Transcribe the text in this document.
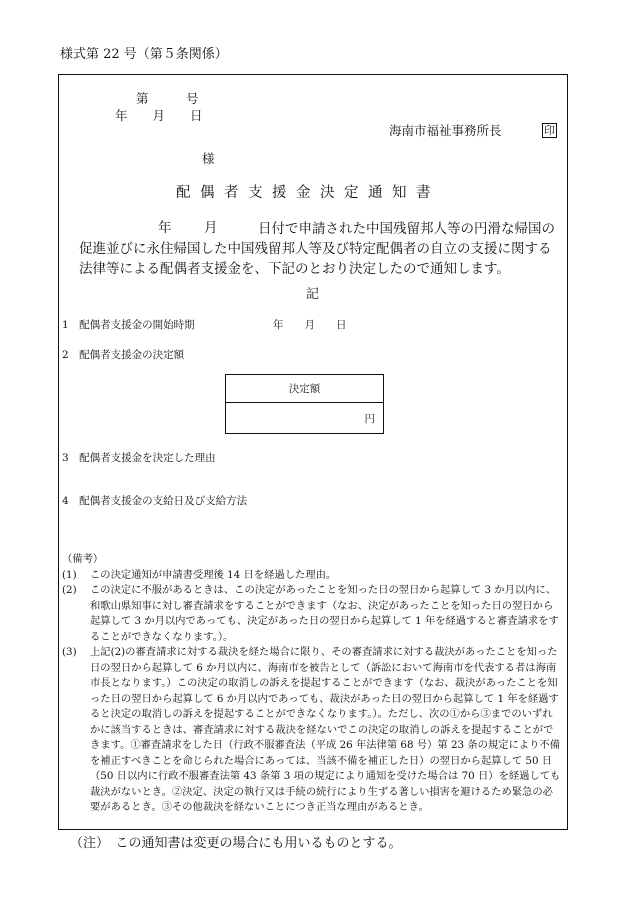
様式第 22 号（第５条関係）
第　　　号
年　　月　　日
海南市福祉事務所長	印
様
配偶者支援金決定通知書
年 月	日付で申請された中国残留邦人等の円滑な帰国の促進並びに永住帰国した中国残留邦人等及び特定配偶者の自立の支援に関する法律等による配偶者支援金を、下記のとおり決定したので通知します。
記
1　配偶者支援金の開始時期	年　　月　　日
2　配偶者支援金の決定額
決定額
円
3　配偶者支援金を決定した理由
4　配偶者支援金の支給日及び支給方法
（備考）
(1)	この決定通知が申請書受理後 14 日を経過した理由。
(2)	この決定に不服があるときは、この決定があったことを知った日の翌日から起算して 3 か月以内に、和歌山県知事に対し審査請求をすることができます（なお、決定があったことを知った日の翌日から起算して 3 か月以内であっても、決定があった日の翌日から起算して 1 年を経過すると審査請求をすることができなくなります。）。
(3)	上記(2)の審査請求に対する裁決を経た場合に限り、その審査請求に対する裁決があったことを知った日の翌日から起算して 6 か月以内に、海南市を被告として（訴訟において海南市を代表する者は海南市長となります。）この決定の取消しの訴えを提起することができます（なお、裁決があったことを知った日の翌日から起算して 6 か月以内であっても、裁決があった日の翌日から起算して 1 年を経過すると決定の取消しの訴えを提起することができなくなります。）。ただし、次の①から③までのいずれかに該当するときは、審査請求に対する裁決を経ないでこの決定の取消しの訴えを提起することができます。①審査請求をした日（行政不服審査法（平成 26 年法律第 68 号）第 23 条の規定により不備を補正すべきことを命じられた場合にあっては、当該不備を補正した日）の翌日から起算して 50 日（50 日以内に行政不服審査法第 43 条第 3 項の規定により通知を受けた場合は 70 日）を経過しても裁決がないとき。②決定、決定の執行又は手続の続行により生ずる著しい損害を避けるため緊急の必要があるとき。③その他裁決を経ないことにつき正当な理由があるとき。
（注）　この通知書は変更の場合にも用いるものとする。
